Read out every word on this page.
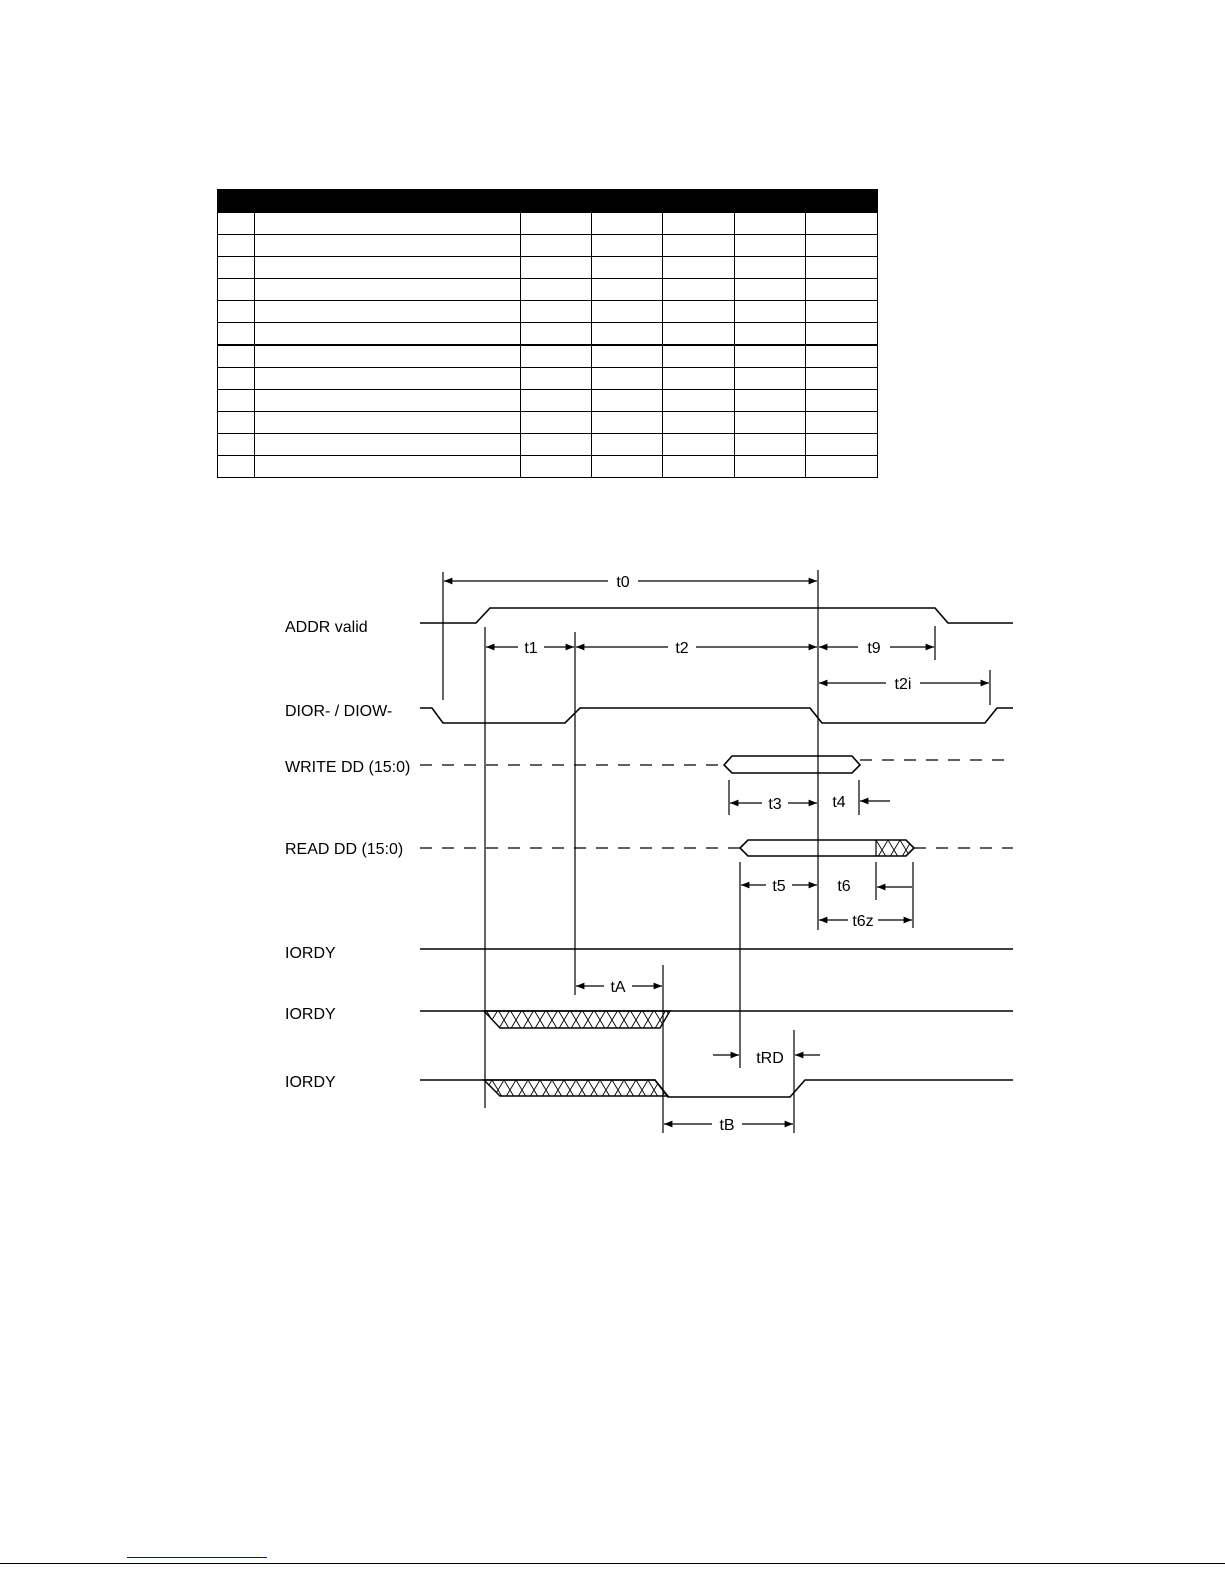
ADDR valid
DIOR- / DIOW-
WRITE DD (15:0)
READ DD (15:0)
IORDY
IORDY
IORDY
t0
t1	t2	t9
t2i
t3	t4
t5	t6
t6z
tA
tRD
tB
